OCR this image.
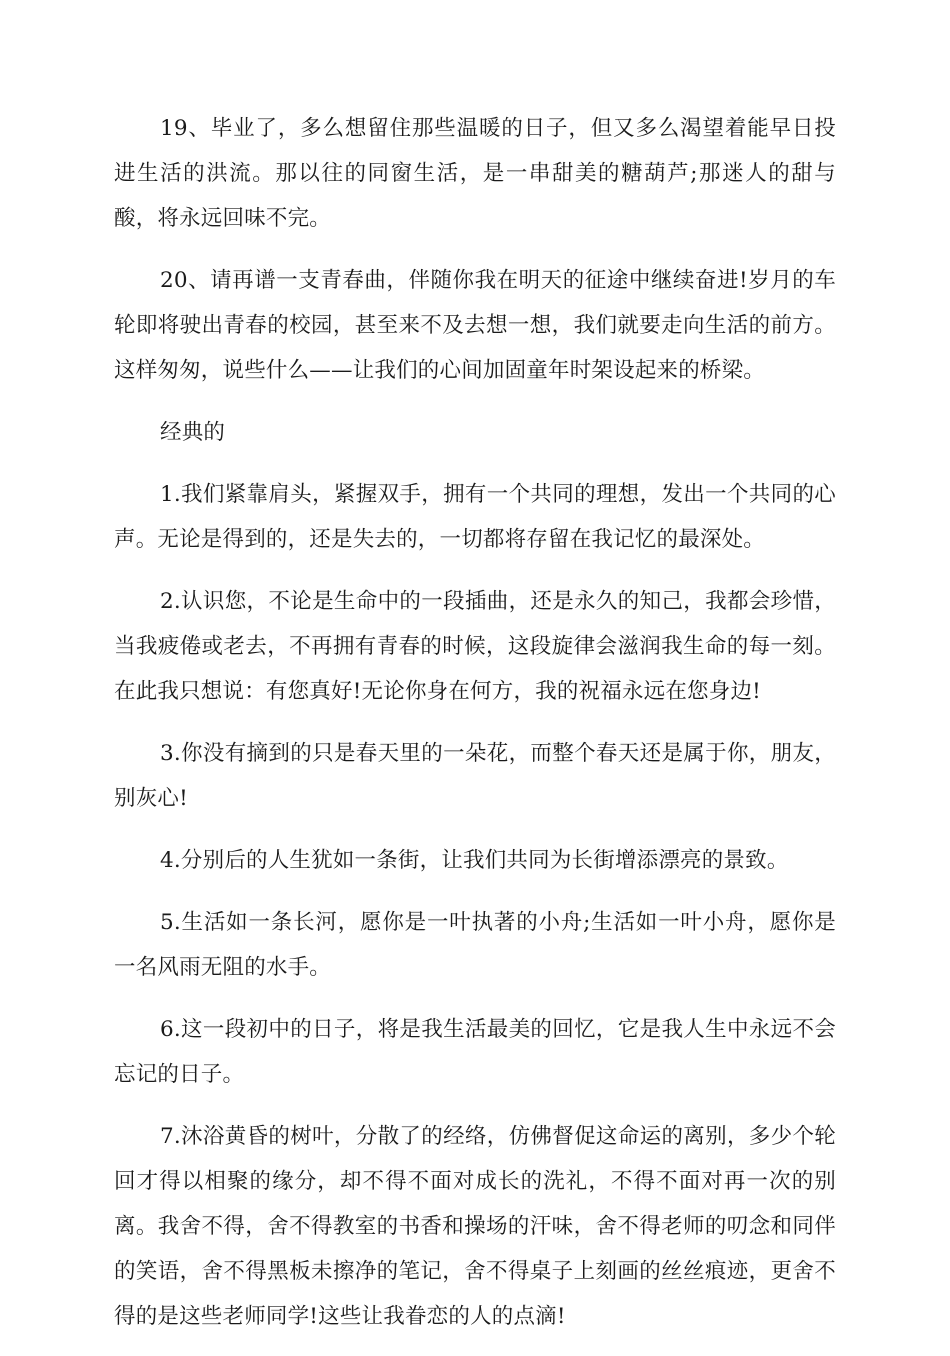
19、毕业了，多么想留住那些温暖的日子，但又多么渴望着能早日投进生活的洪流。那以往的同窗生活，是一串甜美的糖葫芦;那迷人的甜与酸，将永远回味不完。

20、请再谱一支青春曲，伴随你我在明天的征途中继续奋进!岁月的车轮即将驶出青春的校园，甚至来不及去想一想，我们就要走向生活的前方。这样匆匆，说些什么——让我们的心间加固童年时架设起来的桥梁。

经典的

1.我们紧靠肩头，紧握双手，拥有一个共同的理想，发出一个共同的心声。无论是得到的，还是失去的，一切都将存留在我记忆的最深处。

2.认识您，不论是生命中的一段插曲，还是永久的知己，我都会珍惜，当我疲倦或老去，不再拥有青春的时候，这段旋律会滋润我生命的每一刻。在此我只想说：有您真好!无论你身在何方，我的祝福永远在您身边!

3.你没有摘到的只是春天里的一朵花，而整个春天还是属于你，朋友，别灰心!

4.分别后的人生犹如一条街，让我们共同为长街增添漂亮的景致。

5.生活如一条长河，愿你是一叶执著的小舟;生活如一叶小舟，愿你是一名风雨无阻的水手。

6.这一段初中的日子，将是我生活最美的回忆，它是我人生中永远不会忘记的日子。

7.沐浴黄昏的树叶，分散了的经络，仿佛督促这命运的离别，多少个轮回才得以相聚的缘分，却不得不面对成长的洗礼，不得不面对再一次的别离。我舍不得，舍不得教室的书香和操场的汗味，舍不得老师的叨念和同伴的笑语，舍不得黑板未擦净的笔记，舍不得桌子上刻画的丝丝痕迹，更舍不得的是这些老师同学!这些让我眷恋的人的点滴!
